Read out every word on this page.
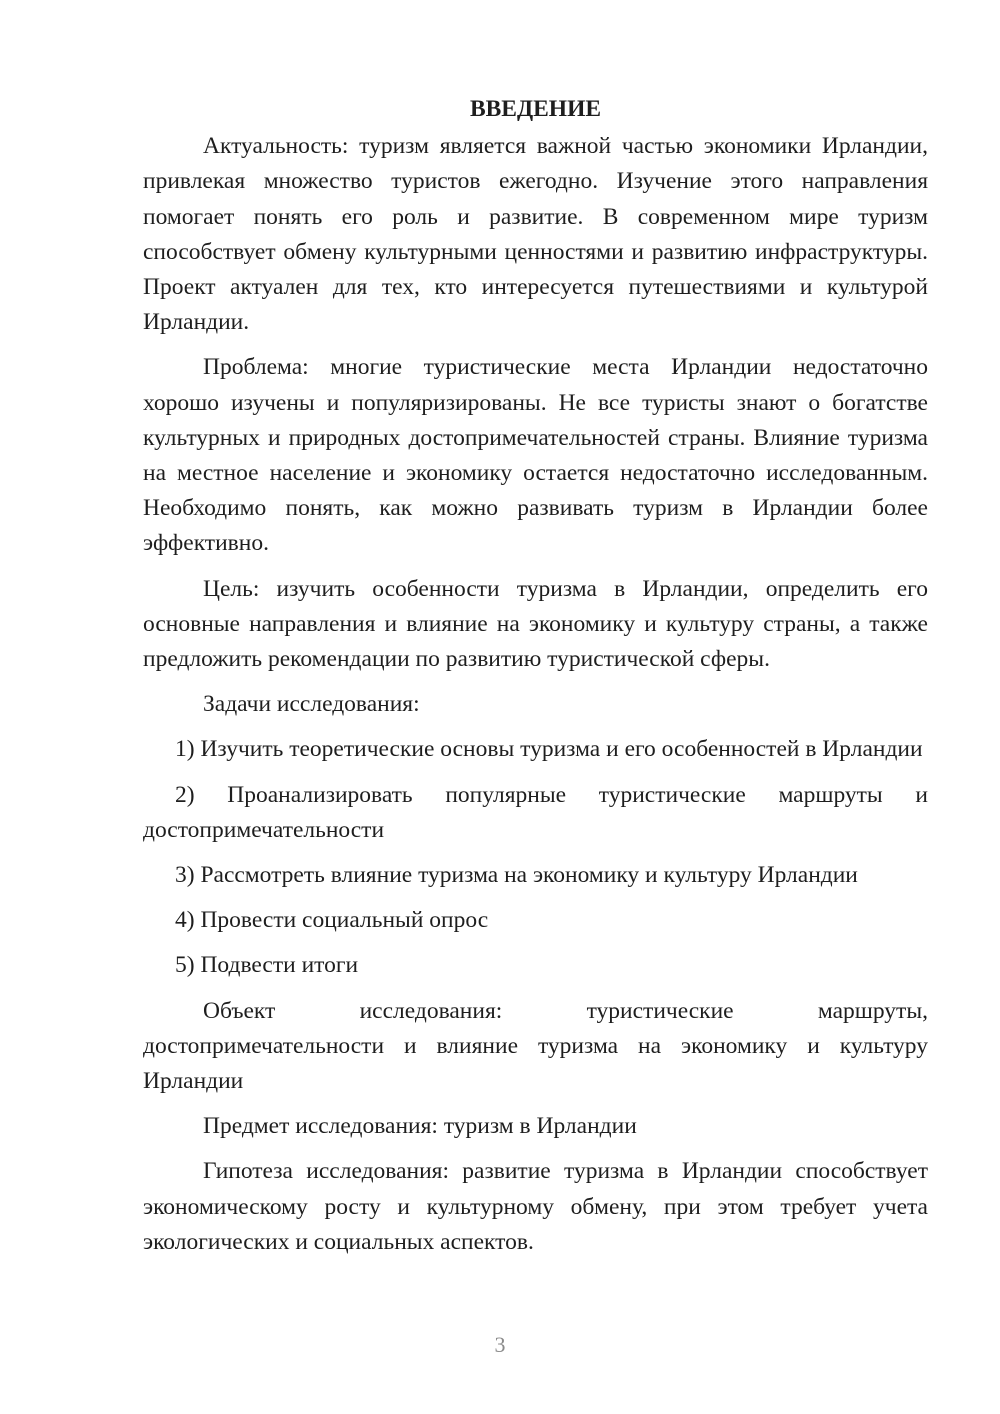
ВВЕДЕНИЕ

Актуальность: туризм является важной частью экономики Ирландии, привлекая множество туристов ежегодно. Изучение этого направления помогает понять его роль и развитие. В современном мире туризм способствует обмену культурными ценностями и развитию инфраструктуры. Проект актуален для тех, кто интересуется путешествиями и культурой Ирландии.

Проблема: многие туристические места Ирландии недостаточно хорошо изучены и популяризированы. Не все туристы знают о богатстве культурных и природных достопримечательностей страны. Влияние туризма на местное население и экономику остается недостаточно исследованным. Необходимо понять, как можно развивать туризм в Ирландии более эффективно.

Цель: изучить особенности туризма в Ирландии, определить его основные направления и влияние на экономику и культуру страны, а также предложить рекомендации по развитию туристической сферы.

Задачи исследования:

1) Изучить теоретические основы туризма и его особенностей в Ирландии

2) Проанализировать популярные туристические маршруты и достопримечательности

3) Рассмотреть влияние туризма на экономику и культуру Ирландии

4) Провести социальный опрос

5) Подвести итоги

Объект исследования: туристические маршруты, достопримечательности и влияние туризма на экономику и культуру Ирландии

Предмет исследования: туризм в Ирландии

Гипотеза исследования: развитие туризма в Ирландии способствует экономическому росту и культурному обмену, при этом требует учета экологических и социальных аспектов.

3
